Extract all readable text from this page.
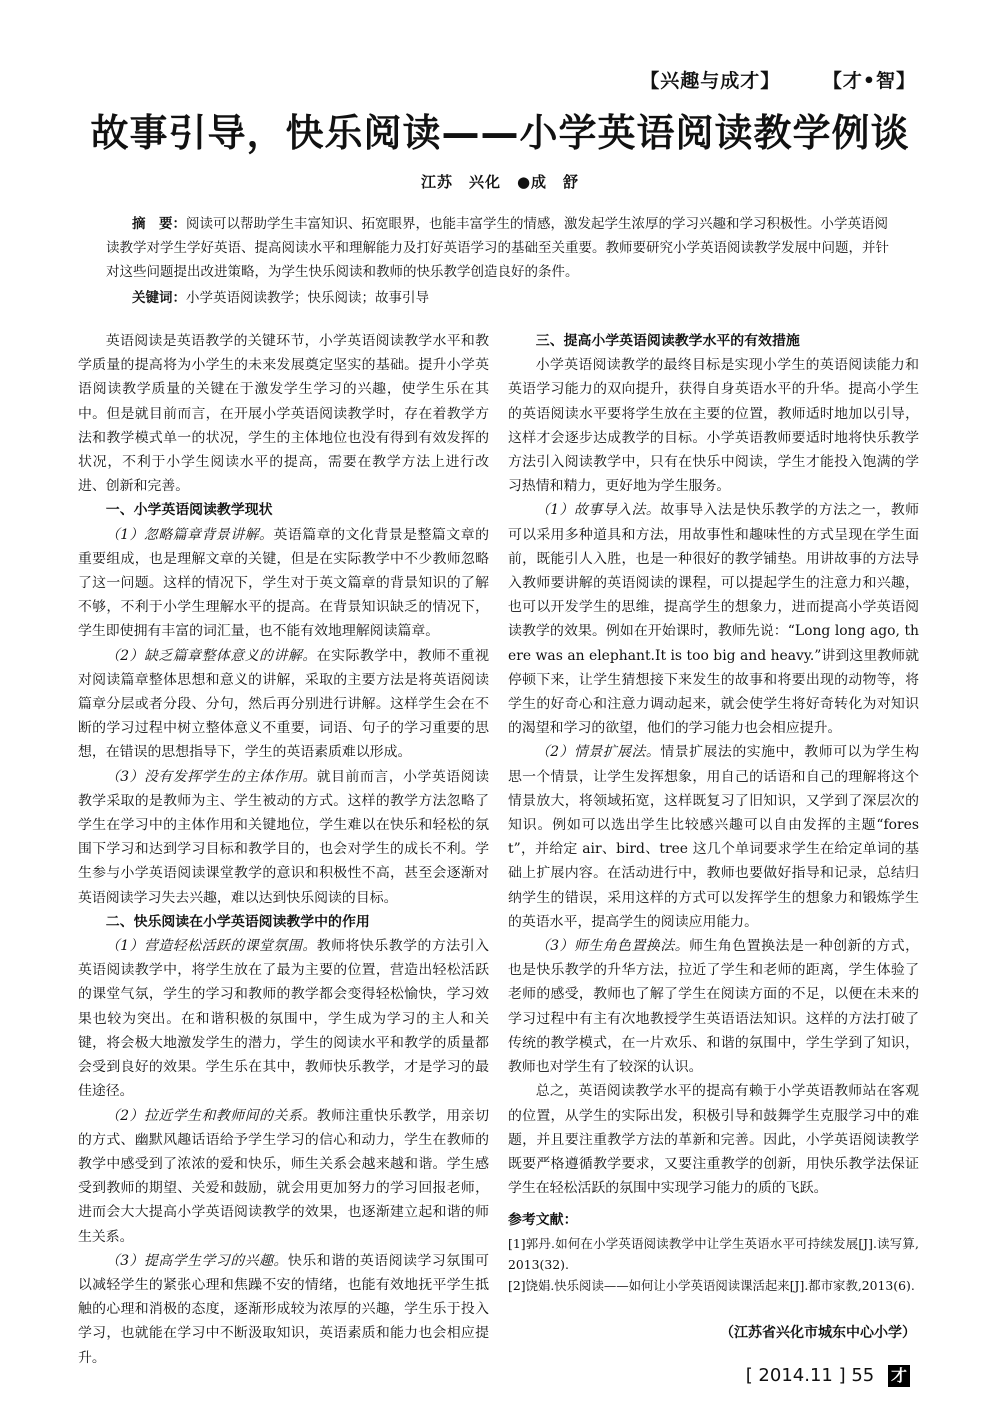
【兴趣与成才】 【才•智】
故事引导，快乐阅读——小学英语阅读教学例谈
江苏　兴化　●成　舒
摘　要：阅读可以帮助学生丰富知识、拓宽眼界，也能丰富学生的情感，激发起学生浓厚的学习兴趣和学习积极性。小学英语阅读教学对学生学好英语、提高阅读水平和理解能力及打好英语学习的基础至关重要。教师要研究小学英语阅读教学发展中问题，并针对这些问题提出改进策略，为学生快乐阅读和教师的快乐教学创造良好的条件。
关键词：小学英语阅读教学；快乐阅读；故事引导

英语阅读是英语教学的关键环节，小学英语阅读教学水平和教学质量的提高将为小学生的未来发展奠定坚实的基础。提升小学英语阅读教学质量的关键在于激发学生学习的兴趣，使学生乐在其中。但是就目前而言，在开展小学英语阅读教学时，存在着教学方法和教学模式单一的状况，学生的主体地位也没有得到有效发挥的状况，不利于小学生阅读水平的提高，需要在教学方法上进行改进、创新和完善。

一、小学英语阅读教学现状

（1）忽略篇章背景讲解。英语篇章的文化背景是整篇文章的重要组成，也是理解文章的关键，但是在实际教学中不少教师忽略了这一问题。这样的情况下，学生对于英文篇章的背景知识的了解不够，不利于小学生理解水平的提高。在背景知识缺乏的情况下，学生即使拥有丰富的词汇量，也不能有效地理解阅读篇章。

（2）缺乏篇章整体意义的讲解。在实际教学中，教师不重视对阅读篇章整体思想和意义的讲解，采取的主要方法是将英语阅读篇章分层或者分段、分句，然后再分别进行讲解。这样学生会在不断的学习过程中树立整体意义不重要，词语、句子的学习重要的思想，在错误的思想指导下，学生的英语素质难以形成。

（3）没有发挥学生的主体作用。就目前而言，小学英语阅读教学采取的是教师为主、学生被动的方式。这样的教学方法忽略了学生在学习中的主体作用和关键地位，学生难以在快乐和轻松的氛围下学习和达到学习目标和教学目的，也会对学生的成长不利。学生参与小学英语阅读课堂教学的意识和积极性不高，甚至会逐渐对英语阅读学习失去兴趣，难以达到快乐阅读的目标。

二、快乐阅读在小学英语阅读教学中的作用

（1）营造轻松活跃的课堂氛围。教师将快乐教学的方法引入英语阅读教学中，将学生放在了最为主要的位置，营造出轻松活跃的课堂气氛，学生的学习和教师的教学都会变得轻松愉快，学习效果也较为突出。在和谐积极的氛围中，学生成为学习的主人和关键，将会极大地激发学生的潜力，学生的阅读水平和教学的质量都会受到良好的效果。学生乐在其中，教师快乐教学，才是学习的最佳途径。

（2）拉近学生和教师间的关系。教师注重快乐教学，用亲切的方式、幽默风趣话语给予学生学习的信心和动力，学生在教师的教学中感受到了浓浓的爱和快乐，师生关系会越来越和谐。学生感受到教师的期望、关爱和鼓励，就会用更加努力的学习回报老师，进而会大大提高小学英语阅读教学的效果，也逐渐建立起和谐的师生关系。

（3）提高学生学习的兴趣。快乐和谐的英语阅读学习氛围可以减轻学生的紧张心理和焦躁不安的情绪，也能有效地抚平学生抵触的心理和消极的态度，逐渐形成较为浓厚的兴趣，学生乐于投入学习，也就能在学习中不断汲取知识，英语素质和能力也会相应提升。

三、提高小学英语阅读教学水平的有效措施

小学英语阅读教学的最终目标是实现小学生的英语阅读能力和英语学习能力的双向提升，获得自身英语水平的升华。提高小学生的英语阅读水平要将学生放在主要的位置，教师适时地加以引导，这样才会逐步达成教学的目标。小学英语教师要适时地将快乐教学方法引入阅读教学中，只有在快乐中阅读，学生才能投入饱满的学习热情和精力，更好地为学生服务。

（1）故事导入法。故事导入法是快乐教学的方法之一，教师可以采用多种道具和方法，用故事性和趣味性的方式呈现在学生面前，既能引人入胜，也是一种很好的教学铺垫。用讲故事的方法导入教师要讲解的英语阅读的课程，可以提起学生的注意力和兴趣，也可以开发学生的思维，提高学生的想象力，进而提高小学英语阅读教学的效果。例如在开始课时，教师先说：“Long long ago, there was an elephant.It is too big and heavy.”讲到这里教师就停顿下来，让学生猜想接下来发生的故事和将要出现的动物等，将学生的好奇心和注意力调动起来，就会使学生将好奇转化为对知识的渴望和学习的欲望，他们的学习能力也会相应提升。

（2）情景扩展法。情景扩展法的实施中，教师可以为学生构思一个情景，让学生发挥想象，用自己的话语和自己的理解将这个情景放大，将领域拓宽，这样既复习了旧知识，又学到了深层次的知识。例如可以选出学生比较感兴趣可以自由发挥的主题“forest”，并给定 air、bird、tree 这几个单词要求学生在给定单词的基础上扩展内容。在活动进行中，教师也要做好指导和记录，总结归纳学生的错误，采用这样的方式可以发挥学生的想象力和锻炼学生的英语水平，提高学生的阅读应用能力。

（3）师生角色置换法。师生角色置换法是一种创新的方式，也是快乐教学的升华方法，拉近了学生和老师的距离，学生体验了老师的感受，教师也了解了学生在阅读方面的不足，以便在未来的学习过程中有主有次地教授学生英语语法知识。这样的方法打破了传统的教学模式，在一片欢乐、和谐的氛围中，学生学到了知识，教师也对学生有了较深的认识。

总之，英语阅读教学水平的提高有赖于小学英语教师站在客观的位置，从学生的实际出发，积极引导和鼓舞学生克服学习中的难题，并且要注重教学方法的革新和完善。因此，小学英语阅读教学既要严格遵循教学要求，又要注重教学的创新，用快乐教学法保证学生在轻松活跃的氛围中实现学习能力的质的飞跃。

参考文献：

[1]郭丹.如何在小学英语阅读教学中让学生英语水平可持续发展[J].读写算,2013(32).

[2]饶娟.快乐阅读——如何让小学英语阅读课活起来[J].都市家教,2013(6).

（江苏省兴化市城东中心小学）
[ 2014.11 ] 55 才
